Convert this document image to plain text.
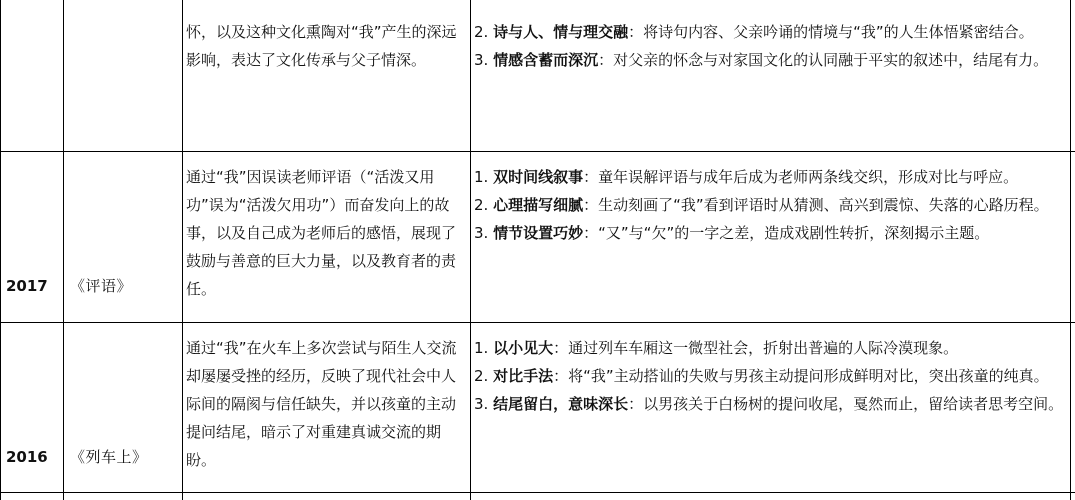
怀，以及这种文化熏陶对“我”产生的深远影响，表达了文化传承与父子情深。
2. 诗与人、情与理交融：将诗句内容、父亲吟诵的情境与“我”的人生体悟紧密结合。
3. 情感含蓄而深沉：对父亲的怀念与对家国文化的认同融于平实的叙述中，结尾有力。
2017 《评语》
通过“我”因误读老师评语（“活泼又用功”误为“活泼欠用功”）而奋发向上的故事，以及自己成为老师后的感悟，展现了鼓励与善意的巨大力量，以及教育者的责任。
1. 双时间线叙事：童年误解评语与成年后成为老师两条线交织，形成对比与呼应。
2. 心理描写细腻：生动刻画了“我”看到评语时从猜测、高兴到震惊、失落的心路历程。
3. 情节设置巧妙：“又”与“欠”的一字之差，造成戏剧性转折，深刻揭示主题。
2016 《列车上》
通过“我”在火车上多次尝试与陌生人交流却屡屡受挫的经历，反映了现代社会中人际间的隔阂与信任缺失，并以孩童的主动提问结尾，暗示了对重建真诚交流的期盼。
1. 以小见大：通过列车车厢这一微型社会，折射出普遍的人际冷漠现象。
2. 对比手法：将“我”主动搭讪的失败与男孩主动提问形成鲜明对比，突出孩童的纯真。
3. 结尾留白，意味深长：以男孩关于白杨树的提问收尾，戛然而止，留给读者思考空间。
